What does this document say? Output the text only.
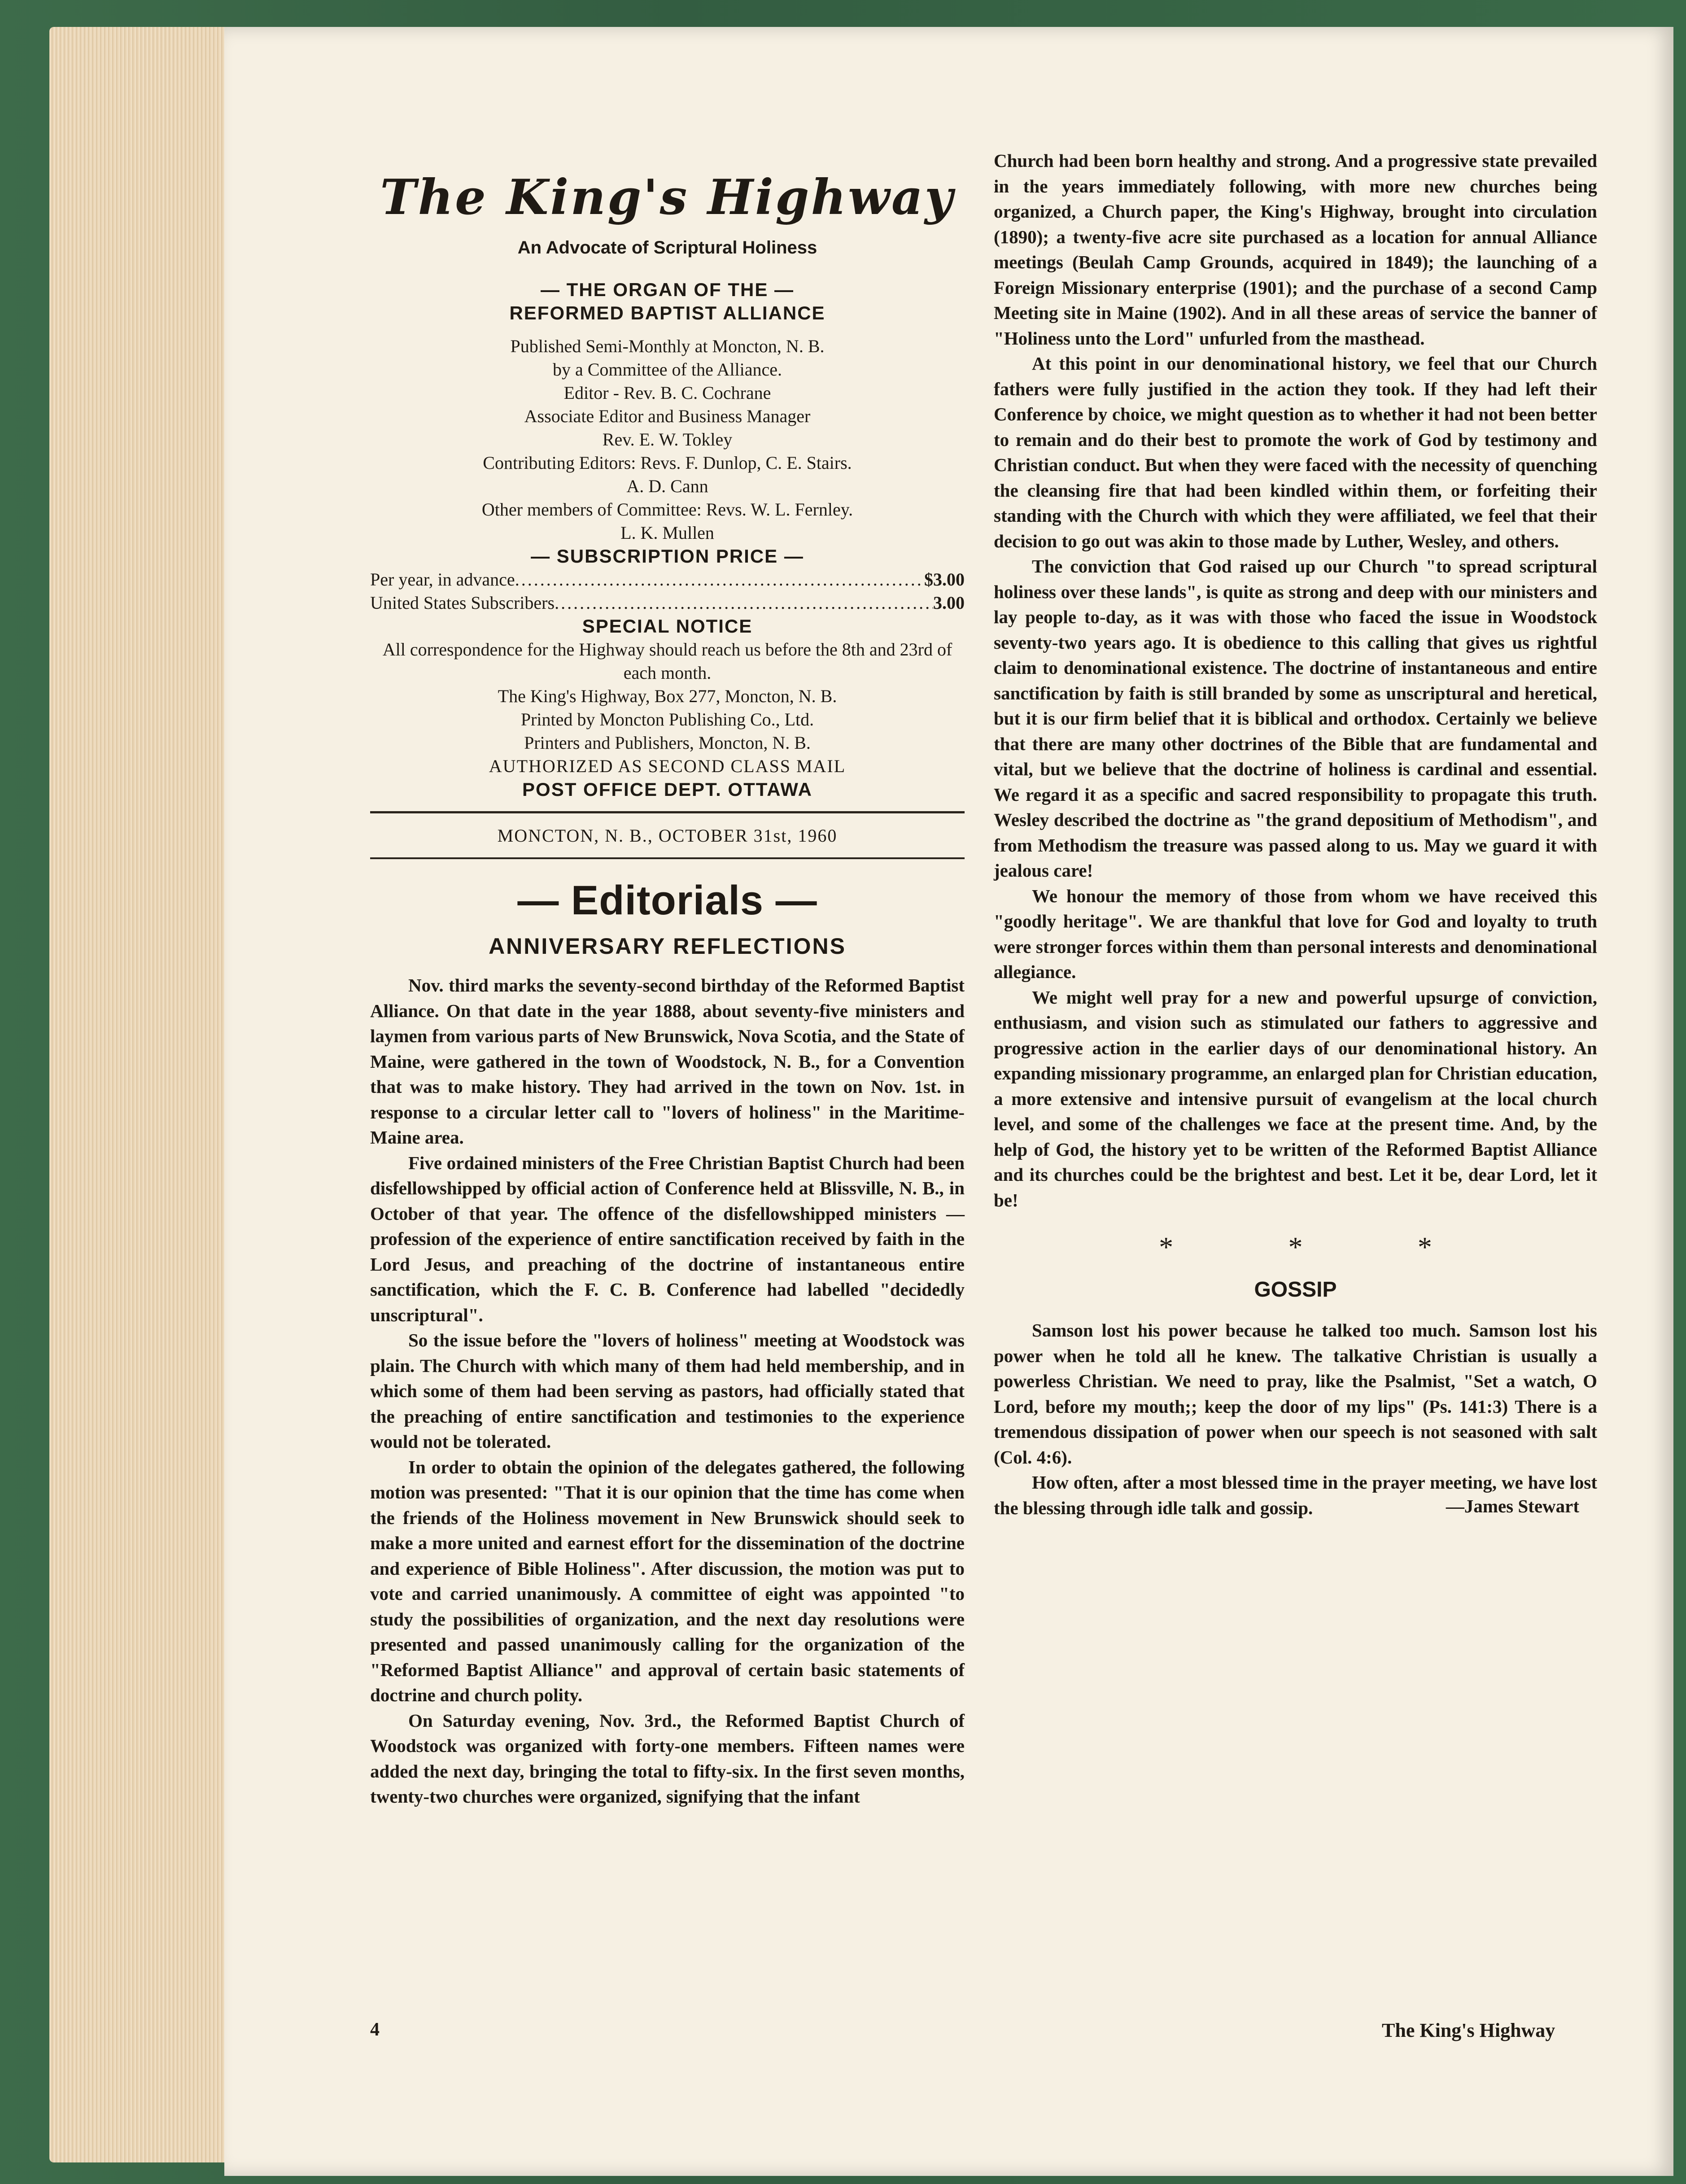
The King's Highway
An Advocate of Scriptural Holiness
— THE ORGAN OF THE —
REFORMED BAPTIST ALLIANCE
Published Semi-Monthly at Moncton, N. B.
by a Committee of the Alliance.
Editor - Rev. B. C. Cochrane
Associate Editor and Business Manager
Rev. E. W. Tokley
Contributing Editors: Revs. F. Dunlop, C. E. Stairs.
A. D. Cann
Other members of Committee: Revs. W. L. Fernley.
L. K. Mullen
— SUBSCRIPTION PRICE —
Per year, in advance .....	$3.00
United States Subscribers .....	3.00
SPECIAL NOTICE
All correspondence for the Highway should reach us before the 8th and 23rd of each month.
The King's Highway, Box 277, Moncton, N. B.
Printed by Moncton Publishing Co., Ltd.
Printers and Publishers, Moncton, N. B.
AUTHORIZED AS SECOND CLASS MAIL
POST OFFICE DEPT. OTTAWA
MONCTON, N. B., OCTOBER 31st, 1960
— Editorials —
ANNIVERSARY REFLECTIONS

Nov. third marks the seventy-second birthday of the Reformed Baptist Alliance. On that date in the year 1888, about seventy-five ministers and laymen from various parts of New Brunswick, Nova Scotia, and the State of Maine, were gathered in the town of Woodstock, N. B., for a Convention that was to make history. They had arrived in the town on Nov. 1st. in response to a circular letter call to "lovers of holiness" in the Maritime-Maine area.

Five ordained ministers of the Free Christian Baptist Church had been disfellowshipped by official action of Conference held at Blissville, N. B., in October of that year. The offence of the disfellowshipped ministers — profession of the experience of entire sanctification received by faith in the Lord Jesus, and preaching of the doctrine of instantaneous entire sanctification, which the F. C. B. Conference had labelled "decidedly unscriptural".

So the issue before the "lovers of holiness" meeting at Woodstock was plain. The Church with which many of them had held membership, and in which some of them had been serving as pastors, had officially stated that the preaching of entire sanctification and testimonies to the experience would not be tolerated.

In order to obtain the opinion of the delegates gathered, the following motion was presented: "That it is our opinion that the time has come when the friends of the Holiness movement in New Brunswick should seek to make a more united and earnest effort for the dissemination of the doctrine and experience of Bible Holiness". After discussion, the motion was put to vote and carried unanimously. A committee of eight was appointed "to study the possibilities of organization, and the next day resolutions were presented and passed unanimously calling for the organization of the "Reformed Baptist Alliance" and approval of certain basic statements of doctrine and church polity.

On Saturday evening, Nov. 3rd., the Reformed Baptist Church of Woodstock was organized with forty-one members. Fifteen names were added the next day, bringing the total to fifty-six. In the first seven months, twenty-two churches were organized, signifying that the infant

Church had been born healthy and strong. And a progressive state prevailed in the years immediately following, with more new churches being organized, a Church paper, the King's Highway, brought into circulation (1890); a twenty-five acre site purchased as a location for annual Alliance meetings (Beulah Camp Grounds, acquired in 1849); the launching of a Foreign Missionary enterprise (1901); and the purchase of a second Camp Meeting site in Maine (1902). And in all these areas of service the banner of "Holiness unto the Lord" unfurled from the masthead.

At this point in our denominational history, we feel that our Church fathers were fully justified in the action they took. If they had left their Conference by choice, we might question as to whether it had not been better to remain and do their best to promote the work of God by testimony and Christian conduct. But when they were faced with the necessity of quenching the cleansing fire that had been kindled within them, or forfeiting their standing with the Church with which they were affiliated, we feel that their decision to go out was akin to those made by Luther, Wesley, and others.

The conviction that God raised up our Church "to spread scriptural holiness over these lands", is quite as strong and deep with our ministers and lay people to-day, as it was with those who faced the issue in Woodstock seventy-two years ago. It is obedience to this calling that gives us rightful claim to denominational existence. The doctrine of instantaneous and entire sanctification by faith is still branded by some as unscriptural and heretical, but it is our firm belief that it is biblical and orthodox. Certainly we believe that there are many other doctrines of the Bible that are fundamental and vital, but we believe that the doctrine of holiness is cardinal and essential. We regard it as a specific and sacred responsibility to propagate this truth. Wesley described the doctrine as "the grand depositium of Methodism", and from Methodism the treasure was passed along to us. May we guard it with jealous care!

We honour the memory of those from whom we have received this "goodly heritage". We are thankful that love for God and loyalty to truth were stronger forces within them than personal interests and denominational allegiance.

We might well pray for a new and powerful upsurge of conviction, enthusiasm, and vision such as stimulated our fathers to aggressive and progressive action in the earlier days of our denominational history. An expanding missionary programme, an enlarged plan for Christian education, a more extensive and intensive pursuit of evangelism at the local church level, and some of the challenges we face at the present time. And, by the help of God, the history yet to be written of the Reformed Baptist Alliance and its churches could be the brightest and best. Let it be, dear Lord, let it be!

*	*	*
GOSSIP

Samson lost his power because he talked too much. Samson lost his power when he told all he knew. The talkative Christian is usually a powerless Christian. We need to pray, like the Psalmist, "Set a watch, O Lord, before my mouth;; keep the door of my lips" (Ps. 141:3) There is a tremendous dissipation of power when our speech is not seasoned with salt (Col. 4:6).

How often, after a most blessed time in the prayer meeting, we have lost the blessing through idle talk and gossip.	—James Stewart
4	The King's Highway
